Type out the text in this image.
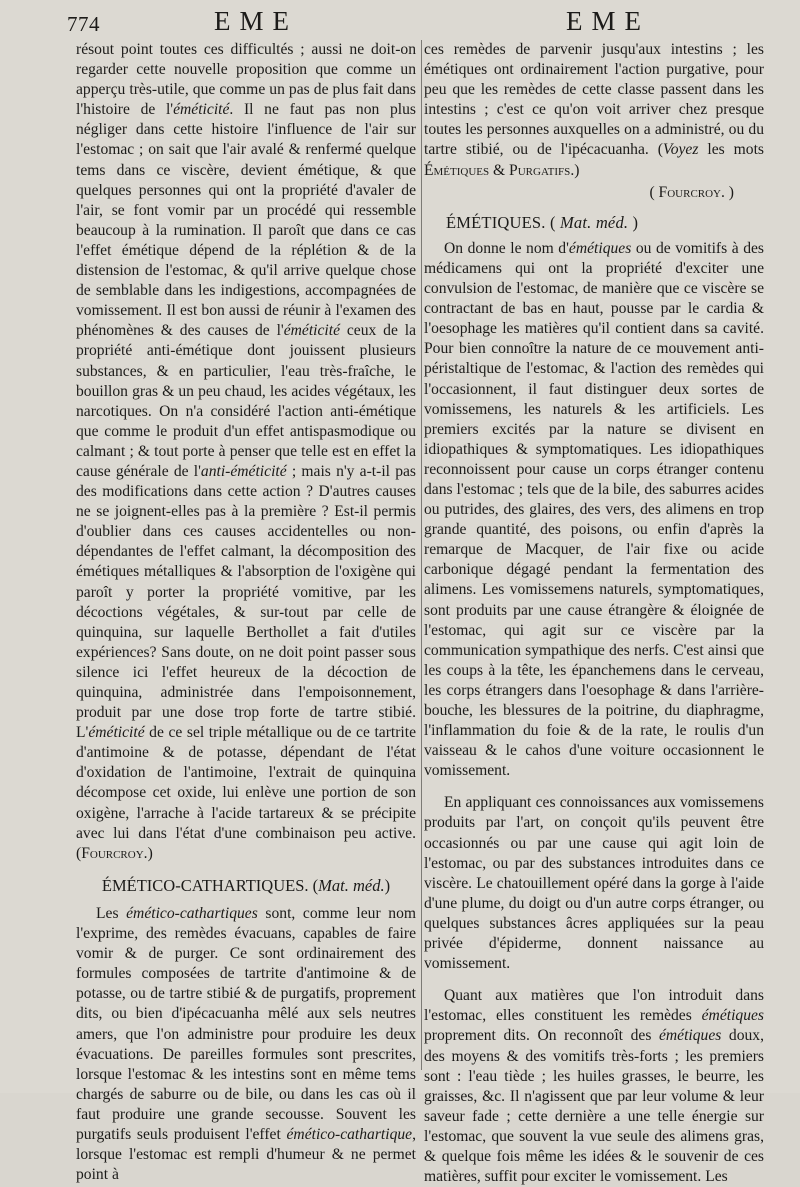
774	EME	EME

résout point toutes ces difficultés ; aussi ne doit-on regarder cette nouvelle proposition que comme un apperçu très-utile, que comme un pas de plus fait dans l'histoire de l'éméticité. Il ne faut pas non plus négliger dans cette histoire l'influence de l'air sur l'estomac ; on sait que l'air avalé & renfermé quelque tems dans ce viscère, devient émétique, & que quelques personnes qui ont la propriété d'avaler de l'air, se font vomir par un procédé qui ressemble beaucoup à la rumination. Il paroît que dans ce cas l'effet émétique dépend de la réplétion & de la distension de l'estomac, & qu'il arrive quelque chose de semblable dans les indigestions, accompagnées de vomissement. Il est bon aussi de réunir à l'examen des phénomènes & des causes de l'éméticité ceux de la propriété anti-émétique dont jouissent plusieurs substances, & en particulier, l'eau très-fraîche, le bouillon gras & un peu chaud, les acides végétaux, les narcotiques. On n'a considéré l'action anti-émétique que comme le produit d'un effet antispasmodique ou calmant ; & tout porte à penser que telle est en effet la cause générale de l'anti-éméticité ; mais n'y a-t-il pas des modifications dans cette action ? D'autres causes ne se joignent-elles pas à la première ? Est-il permis d'oublier dans ces causes accidentelles ou non-dépendantes de l'effet calmant, la décomposition des émétiques métalliques & l'absorption de l'oxigène qui paroît y porter la propriété vomitive, par les décoctions végétales, & sur-tout par celle de quinquina, sur laquelle Berthollet a fait d'utiles expériences? Sans doute, on ne doit point passer sous silence ici l'effet heureux de la décoction de quinquina, administrée dans l'empoisonnement, produit par une dose trop forte de tartre stibié. L'éméticité de ce sel triple métallique ou de ce tartrite d'antimoine & de potasse, dépendant de l'état d'oxidation de l'antimoine, l'extrait de quinquina décompose cet oxide, lui enlève une portion de son oxigène, l'arrache à l'acide tartareux & se précipite avec lui dans l'état d'une combinaison peu active. (Fourcroy.)

ÉMÉTICO-CATHARTIQUES. (Mat. méd.)

Les émético-cathartiques sont, comme leur nom l'exprime, des remèdes évacuans, capables de faire vomir & de purger. Ce sont ordinairement des formules composées de tartrite d'antimoine & de potasse, ou de tartre stibié & de purgatifs, proprement dits, ou bien d'ipécacuanha mêlé aux sels neutres amers, que l'on administre pour produire les deux évacuations. De pareilles formules sont prescrites, lorsque l'estomac & les intestins sont en même tems chargés de saburre ou de bile, ou dans les cas où il faut produire une grande secousse. Souvent les purgatifs seuls produisent l'effet émético-cathartique, lorsque l'estomac est rempli d'humeur & ne permet point à

ces remèdes de parvenir jusqu'aux intestins ; les émétiques ont ordinairement l'action purgative, pour peu que les remèdes de cette classe passent dans les intestins ; c'est ce qu'on voit arriver chez presque toutes les personnes auxquelles on a administré, ou du tartre stibié, ou de l'ipécacuanha. (Voyez les mots Émétiques & Purgatifs.)

( Fourcroy. )
ÉMÉTIQUES. ( Mat. méd. )

On donne le nom d'émétiques ou de vomitifs à des médicamens qui ont la propriété d'exciter une convulsion de l'estomac, de manière que ce viscère se contractant de bas en haut, pousse par le cardia & l'oesophage les matières qu'il contient dans sa cavité. Pour bien connoître la nature de ce mouvement anti-péristaltique de l'estomac, & l'action des remèdes qui l'occasionnent, il faut distinguer deux sortes de vomissemens, les naturels & les artificiels. Les premiers excités par la nature se divisent en idiopathiques & symptomatiques. Les idiopathiques reconnoissent pour cause un corps étranger contenu dans l'estomac ; tels que de la bile, des saburres acides ou putrides, des glaires, des vers, des alimens en trop grande quantité, des poisons, ou enfin d'après la remarque de Macquer, de l'air fixe ou acide carbonique dégagé pendant la fermentation des alimens. Les vomissemens naturels, symptomatiques, sont produits par une cause étrangère & éloignée de l'estomac, qui agit sur ce viscère par la communication sympathique des nerfs. C'est ainsi que les coups à la tête, les épanchemens dans le cerveau, les corps étrangers dans l'oesophage & dans l'arrière-bouche, les blessures de la poitrine, du diaphragme, l'inflammation du foie & de la rate, le roulis d'un vaisseau & le cahos d'une voiture occasionnent le vomissement.

En appliquant ces connoissances aux vomissemens produits par l'art, on conçoit qu'ils peuvent être occasionnés ou par une cause qui agit loin de l'estomac, ou par des substances introduites dans ce viscère. Le chatouillement opéré dans la gorge à l'aide d'une plume, du doigt ou d'un autre corps étranger, ou quelques substances âcres appliquées sur la peau privée d'épiderme, donnent naissance au vomissement.

Quant aux matières que l'on introduit dans l'estomac, elles constituent les remèdes émétiques proprement dits. On reconnoît des émétiques doux, des moyens & des vomitifs très-forts ; les premiers sont : l'eau tiède ; les huiles grasses, le beurre, les graisses, &c. Il n'agissent que par leur volume & leur saveur fade ; cette dernière a une telle énergie sur l'estomac, que souvent la vue seule des alimens gras, & quelque fois même les idées & le souvenir de ces matières, suffit pour exciter le vomissement. Les
